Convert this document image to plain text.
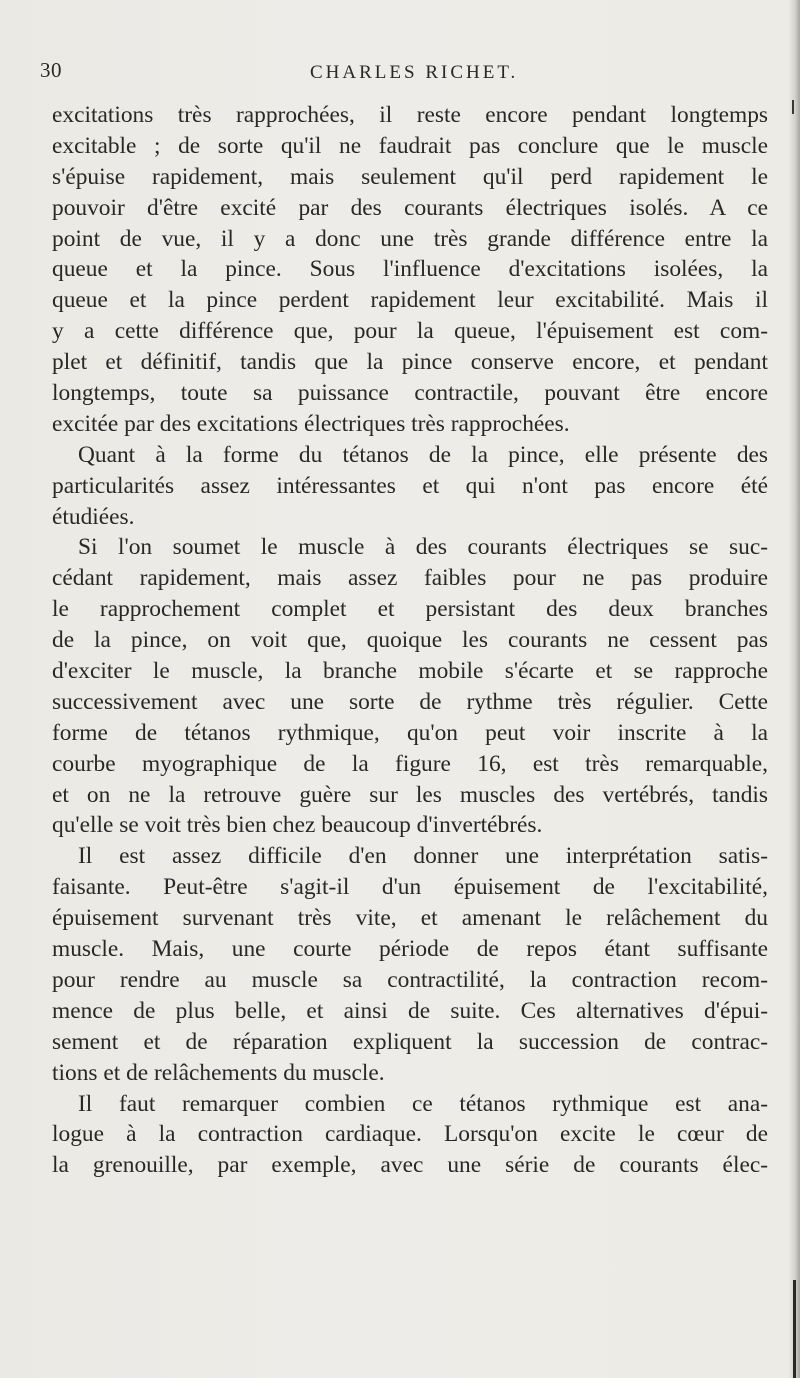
30	CHARLES RICHET.
excitations très rapprochées, il reste encore pendant longtemps
excitable ; de sorte qu'il ne faudrait pas conclure que le muscle
s'épuise rapidement, mais seulement qu'il perd rapidement le
pouvoir d'être excité par des courants électriques isolés. A ce
point de vue, il y a donc une très grande différence entre la
queue et la pince. Sous l'influence d'excitations isolées, la
queue et la pince perdent rapidement leur excitabilité. Mais il
y a cette différence que, pour la queue, l'épuisement est com-
plet et définitif, tandis que la pince conserve encore, et pendant
longtemps, toute sa puissance contractile, pouvant être encore
excitée par des excitations électriques très rapprochées.
Quant à la forme du tétanos de la pince, elle présente des
particularités assez intéressantes et qui n'ont pas encore été
étudiées.
Si l'on soumet le muscle à des courants électriques se suc-
cédant rapidement, mais assez faibles pour ne pas produire
le rapprochement complet et persistant des deux branches
de la pince, on voit que, quoique les courants ne cessent pas
d'exciter le muscle, la branche mobile s'écarte et se rapproche
successivement avec une sorte de rythme très régulier. Cette
forme de tétanos rythmique, qu'on peut voir inscrite à la
courbe myographique de la figure 16, est très remarquable,
et on ne la retrouve guère sur les muscles des vertébrés, tandis
qu'elle se voit très bien chez beaucoup d'invertébrés.
Il est assez difficile d'en donner une interprétation satis-
faisante. Peut-être s'agit-il d'un épuisement de l'excitabilité,
épuisement survenant très vite, et amenant le relâchement du
muscle. Mais, une courte période de repos étant suffisante
pour rendre au muscle sa contractilité, la contraction recom-
mence de plus belle, et ainsi de suite. Ces alternatives d'épui-
sement et de réparation expliquent la succession de contrac-
tions et de relâchements du muscle.
Il faut remarquer combien ce tétanos rythmique est ana-
logue à la contraction cardiaque. Lorsqu'on excite le cœur de
la grenouille, par exemple, avec une série de courants élec-
